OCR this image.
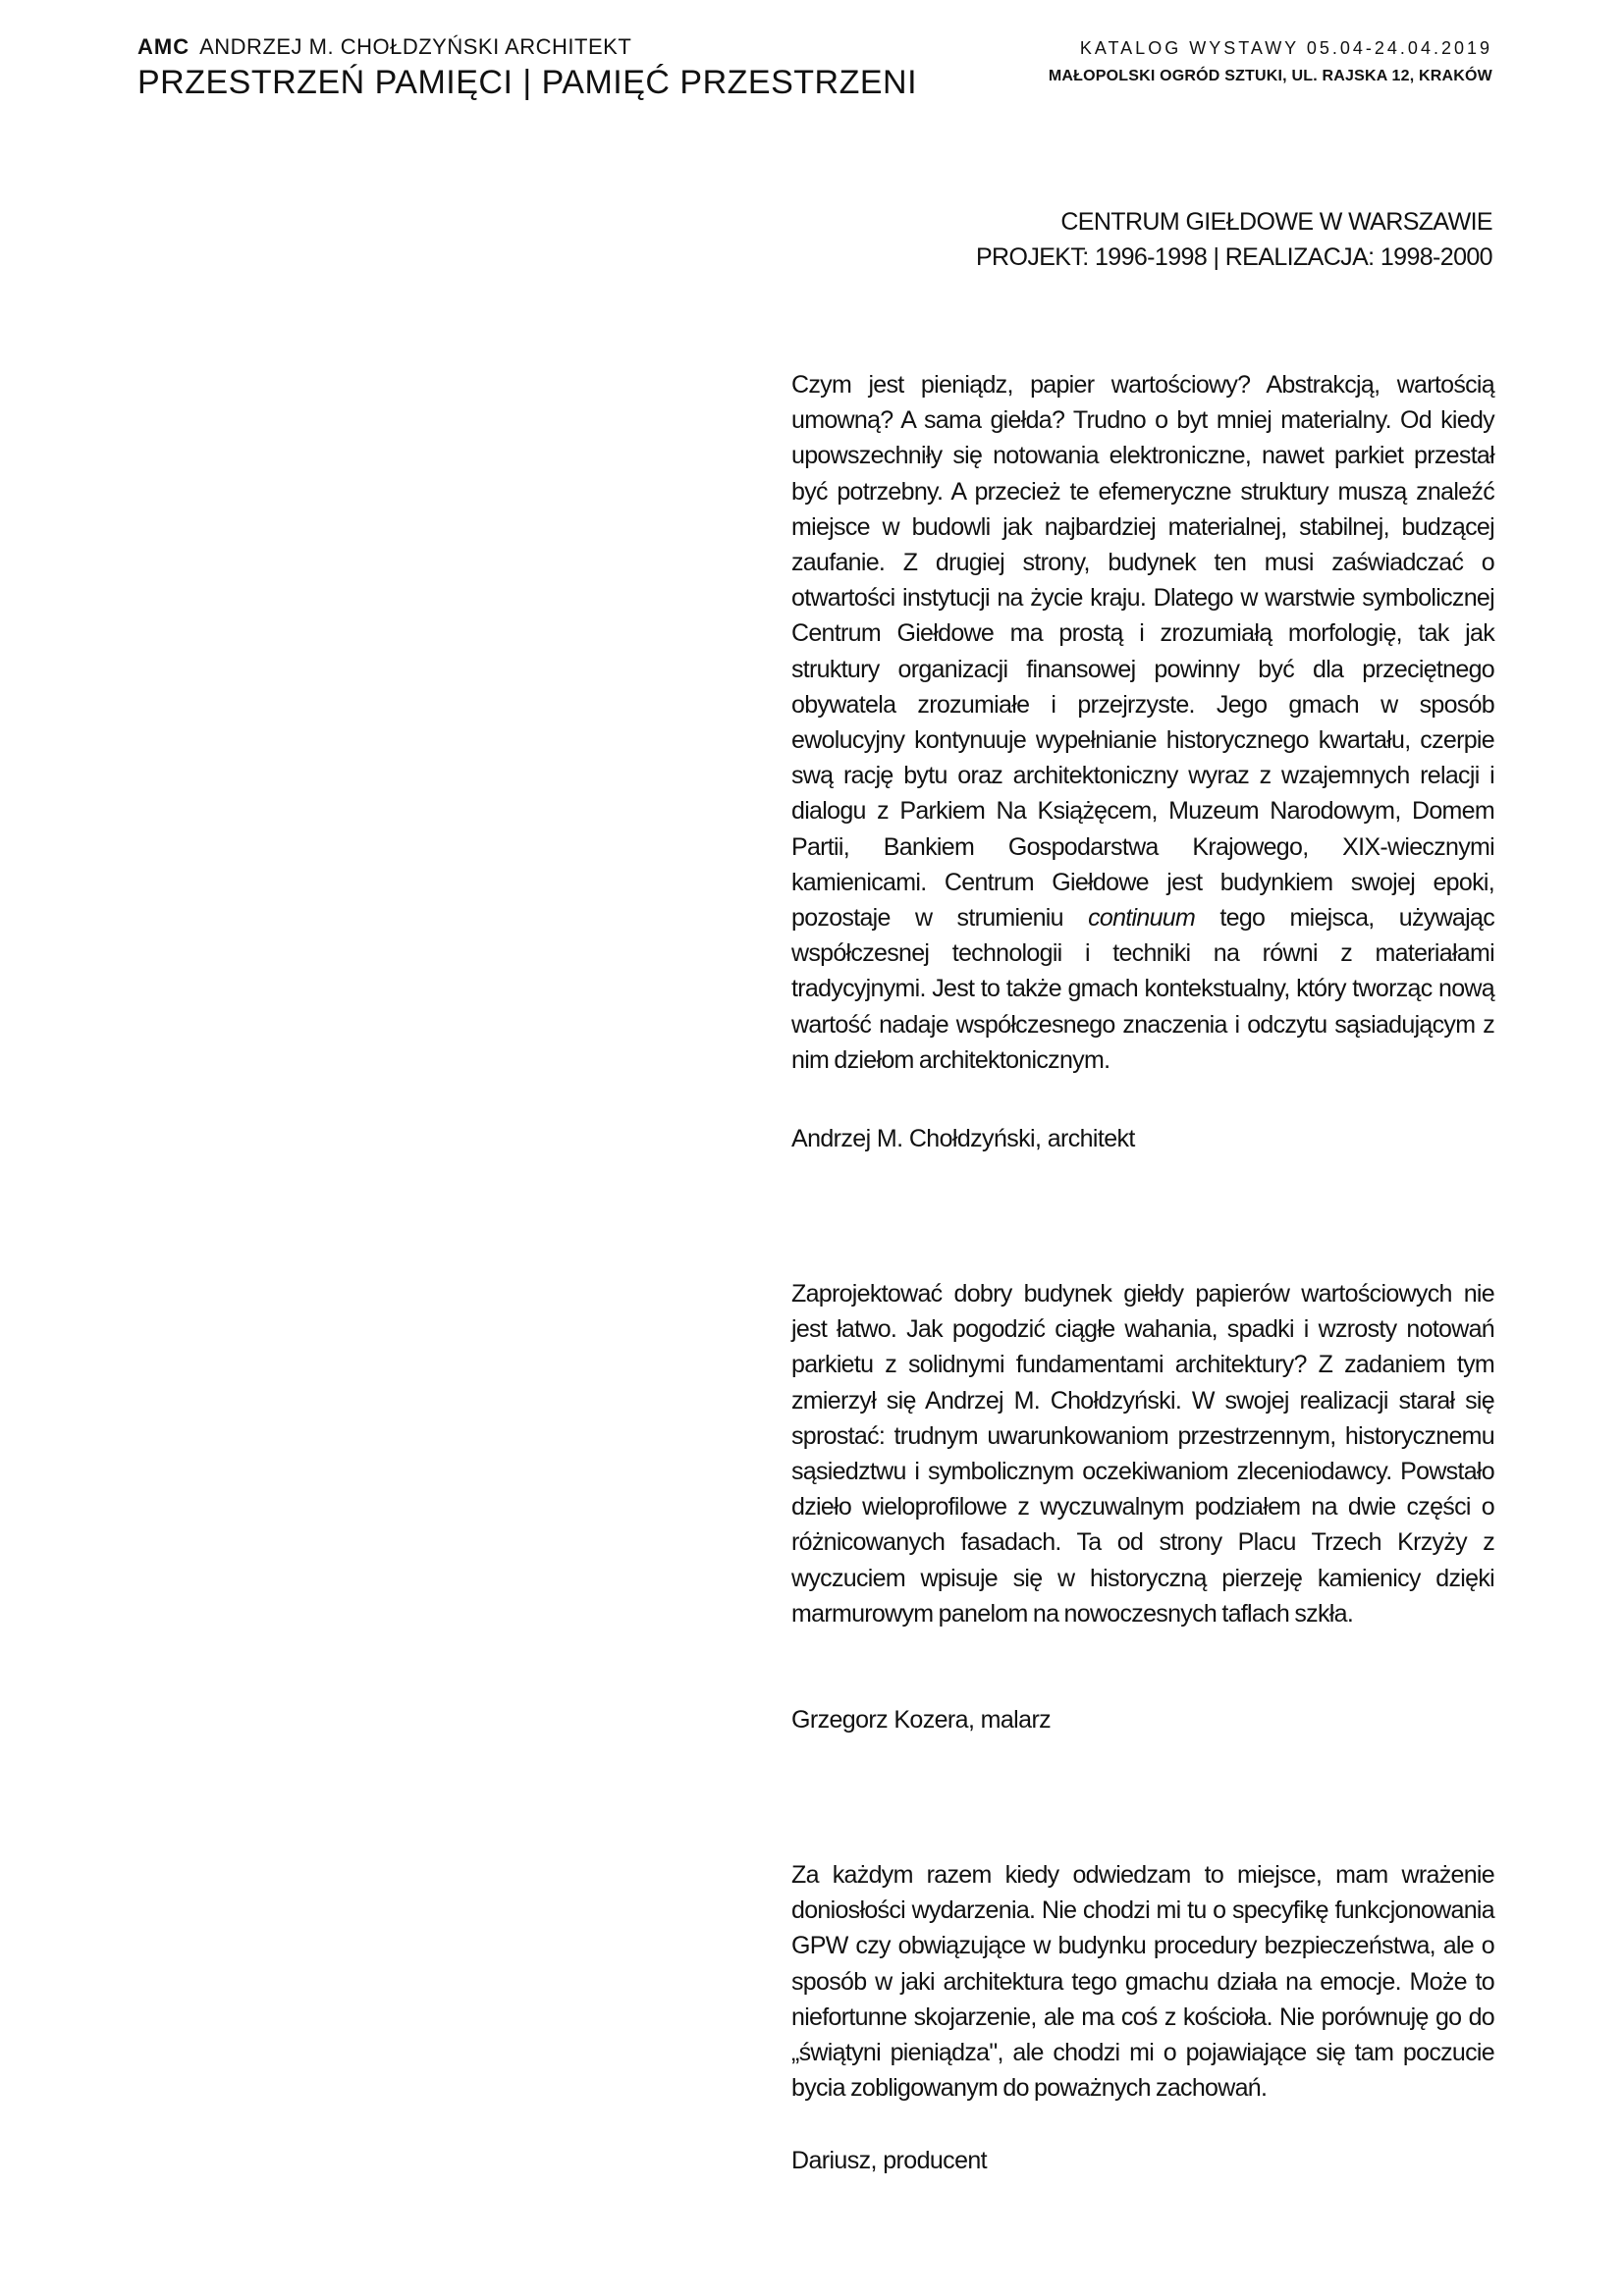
AMC ANDRZEJ M. CHOŁDZYŃSKI ARCHITEKT
PRZESTRZEŃ PAMIĘCI | PAMIĘĆ PRZESTRZENI
KATALOG WYSTAWY 05.04-24.04.2019
MAŁOPOLSKI OGRÓD SZTUKI, UL. RAJSKA 12, KRAKÓW
CENTRUM GIEŁDOWE W WARSZAWIE
PROJEKT: 1996-1998 | REALIZACJA: 1998-2000

Czym jest pieniądz, papier wartościowy? Abstrakcją, wartością umowną? A sama giełda? Trudno o byt mniej materialny. Od kiedy upowszechniły się notowania elektroniczne, nawet parkiet przestał być potrzebny. A przecież te efemeryczne struktury muszą znaleźć miejsce w budowli jak najbardziej materialnej, stabilnej, budzącej zaufanie. Z drugiej strony, budynek ten musi zaświadczać o otwartości instytucji na życie kraju. Dlatego w warstwie symbolicznej Centrum Giełdowe ma prostą i zrozumiałą morfologię, tak jak struktury organizacji finansowej powinny być dla przeciętnego obywatela zrozumiałe i przejrzyste. Jego gmach w sposób ewolucyjny kontynuuje wypełnianie historycznego kwartału, czerpie swą rację bytu oraz architektoniczny wyraz z wzajemnych relacji i dialogu z Parkiem Na Książęcem, Muzeum Narodowym, Domem Partii, Bankiem Gospodarstwa Krajowego, XIX-wiecznymi kamienicami. Centrum Giełdowe jest budynkiem swojej epoki, pozostaje w strumieniu continuum tego miejsca, używając współczesnej technologii i techniki na równi z materiałami tradycyjnymi. Jest to także gmach kontekstualny, który tworząc nową wartość nadaje współczesnego znaczenia i odczytu sąsiadującym z nim dziełom architektonicznym.

Andrzej M. Chołdzyński, architekt

Zaprojektować dobry budynek giełdy papierów wartościowych nie jest łatwo. Jak pogodzić ciągłe wahania, spadki i wzrosty notowań parkietu z solidnymi fundamentami architektury? Z zadaniem tym zmierzył się Andrzej M. Chołdzyński. W swojej realizacji starał się sprostać: trudnym uwarunkowaniom przestrzennym, historycznemu sąsiedztwu i symbolicznym oczekiwaniom zleceniodawcy. Powstało dzieło wieloprofilowe z wyczuwalnym podziałem na dwie części o różnicowanych fasadach. Ta od strony Placu Trzech Krzyży z wyczuciem wpisuje się w historyczną pierzeję kamienicy dzięki marmurowym panelom na nowoczesnych taflach szkła.

Grzegorz Kozera, malarz

Za każdym razem kiedy odwiedzam to miejsce, mam wrażenie doniosłości wydarzenia. Nie chodzi mi tu o specyfikę funkcjonowania GPW czy obwiązujące w budynku procedury bezpieczeństwa, ale o sposób w jaki architektura tego gmachu działa na emocje. Może to niefortunne skojarzenie, ale ma coś z kościoła. Nie porównuję go do „świątyni pieniądza", ale chodzi mi o pojawiające się tam poczucie bycia zobligowanym do poważnych zachowań.

Dariusz, producent
